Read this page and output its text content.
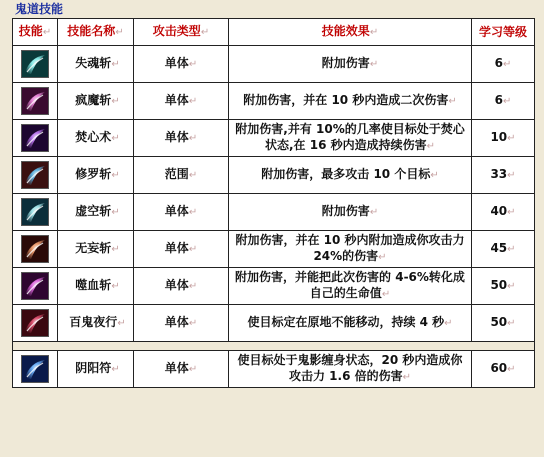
鬼道技能
技能↵	技能名称↵	攻击类型↵	技能效果↵	学习等级

	失魂斩↵	单体↵	附加伤害↵	6↵

	疯魔斩↵	单体↵	附加伤害，并在 10 秒内造成二次伤害↵	6↵

	焚心术↵	单体↵	附加伤害,并有 10%的几率使目标处于焚心状态,在 16 秒内造成持续伤害↵	10↵

	修罗斩↵	范围↵	附加伤害，最多攻击 10 个目标↵	33↵

	虚空斩↵	单体↵	附加伤害↵	40↵

	无妄斩↵	单体↵	附加伤害，并在 10 秒内附加造成你攻击力 24%的伤害↵	45↵

	噬血斩↵	单体↵	附加伤害，并能把此次伤害的 4-6%转化成自己的生命值↵	50↵

	百鬼夜行↵	单体↵	使目标定在原地不能移动，持续 4 秒↵	50↵

	阴阳符↵	单体↵	使目标处于鬼影缠身状态，20 秒内造成你攻击力 1.6 倍的伤害↵	60↵
